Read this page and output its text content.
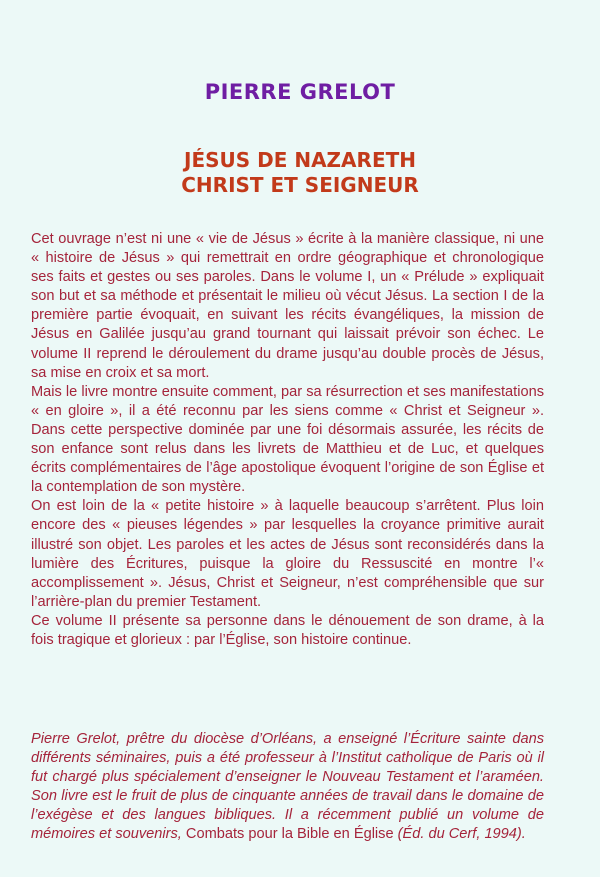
PIERRE GRELOT
JÉSUS DE NAZARETH
CHRIST ET SEIGNEUR

Cet ouvrage n’est ni une « vie de Jésus » écrite à la manière classique, ni une « histoire de Jésus » qui remettrait en ordre géographique et chronologique ses faits et gestes ou ses paroles. Dans le volume I, un « Prélude » expliquait son but et sa méthode et présentait le milieu où vécut Jésus. La section I de la première partie évoquait, en suivant les récits évangéliques, la mission de Jésus en Galilée jusqu’au grand tournant qui laissait prévoir son échec. Le volume II reprend le déroulement du drame jusqu’au double procès de Jésus, sa mise en croix et sa mort.

Mais le livre montre ensuite comment, par sa résurrection et ses manifestations « en gloire », il a été reconnu par les siens comme « Christ et Seigneur ». Dans cette perspective dominée par une foi désormais assurée, les récits de son enfance sont relus dans les livrets de Matthieu et de Luc, et quelques écrits complémentaires de l’âge apostolique évoquent l’origine de son Église et la contemplation de son mystère.

On est loin de la « petite histoire » à laquelle beaucoup s’arrêtent. Plus loin encore des « pieuses légendes » par lesquelles la croyance primitive aurait illustré son objet. Les paroles et les actes de Jésus sont reconsidérés dans la lumière des Écritures, puisque la gloire du Ressuscité en montre l’« accomplissement ». Jésus, Christ et Seigneur, n’est compréhensible que sur l’arrière-plan du premier Testament.

Ce volume II présente sa personne dans le dénouement de son drame, à la fois tragique et glorieux : par l’Église, son histoire continue.

Pierre Grelot, prêtre du diocèse d’Orléans, a enseigné l’Écriture sainte dans différents séminaires, puis a été professeur à l’Institut catholique de Paris où il fut chargé plus spécialement d’enseigner le Nouveau Testament et l’araméen. Son livre est le fruit de plus de cinquante années de travail dans le domaine de l’exégèse et des langues bibliques. Il a récemment publié un volume de mémoires et souvenirs, Combats pour la Bible en Église (Éd. du Cerf, 1994).
